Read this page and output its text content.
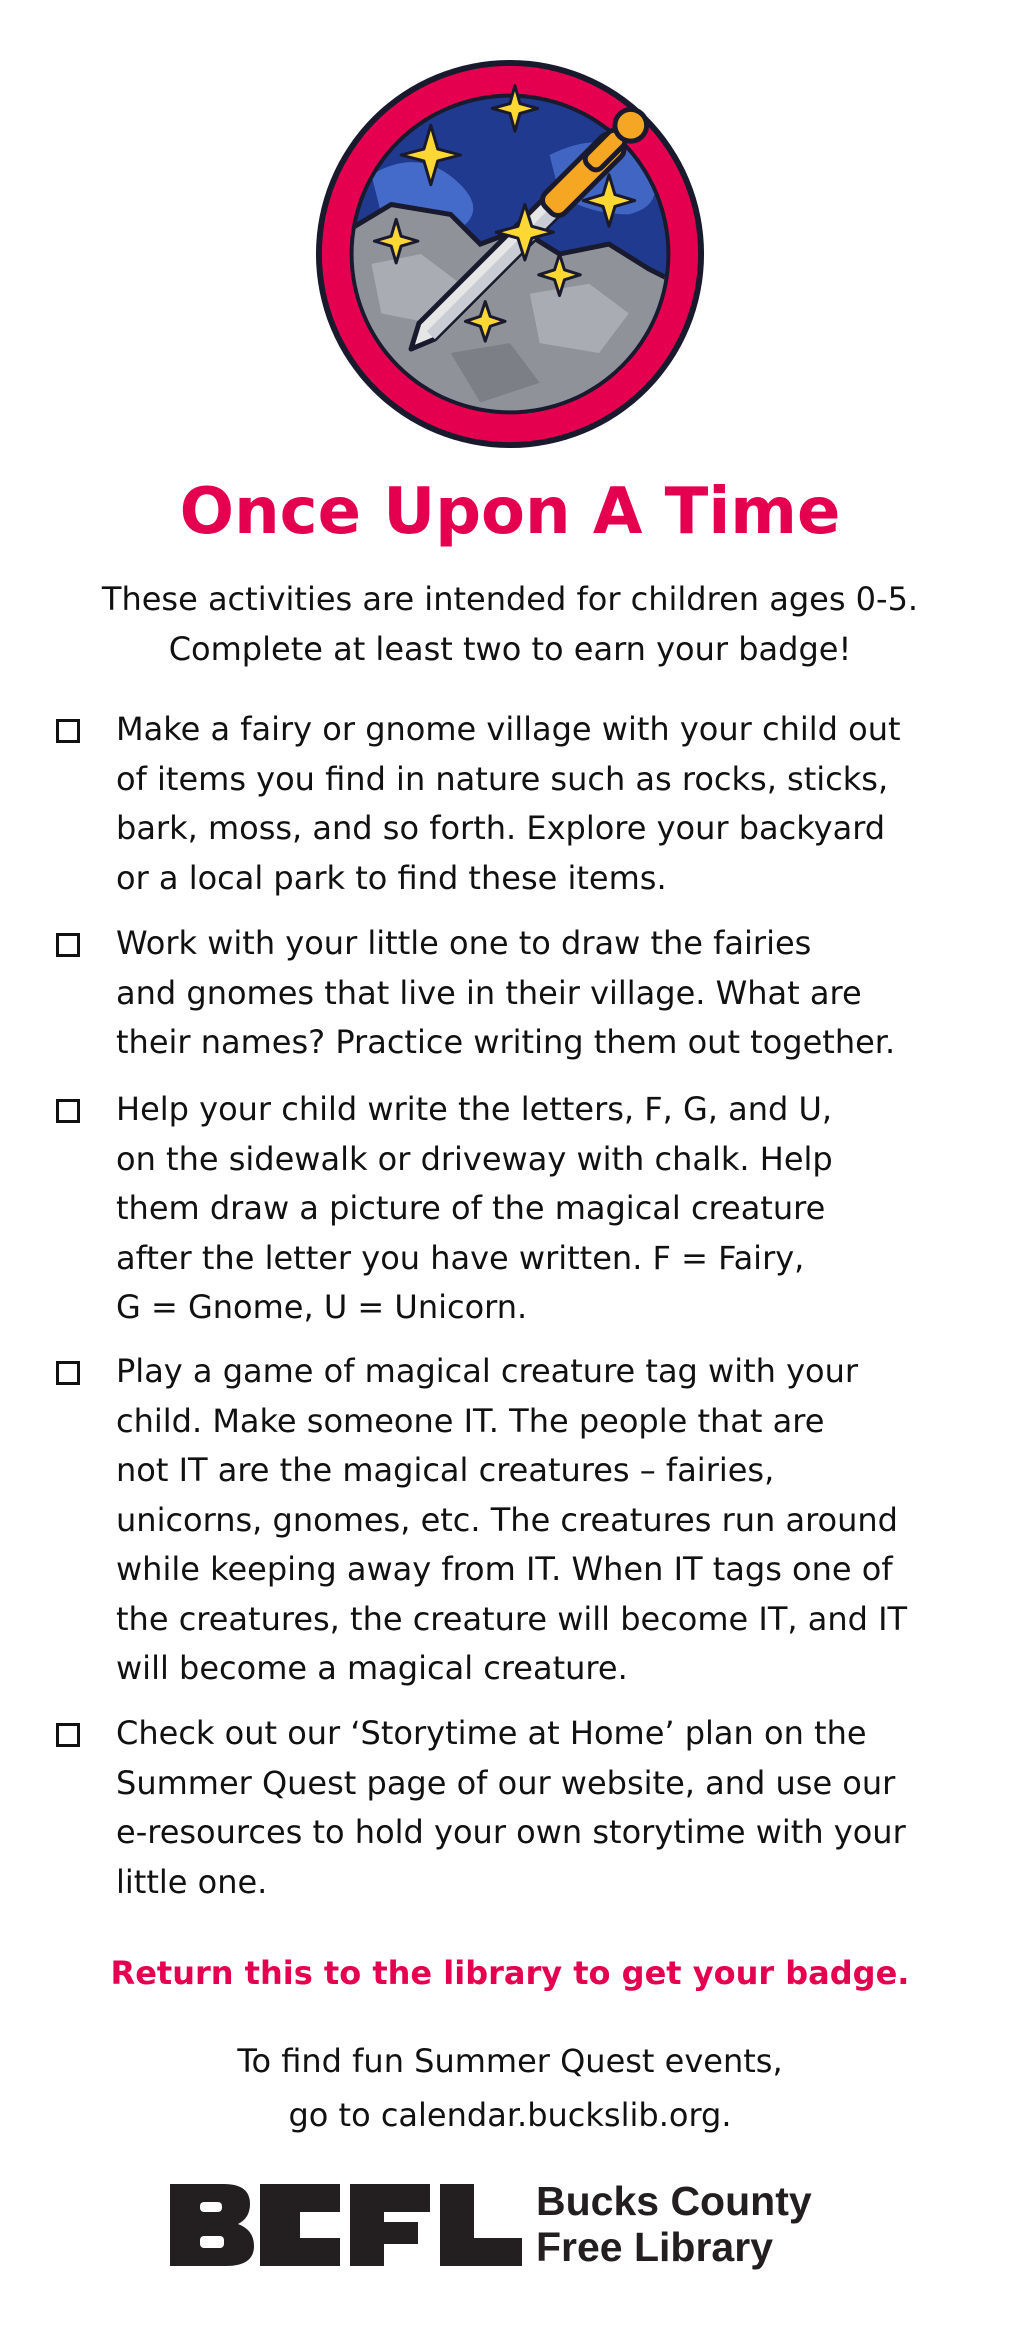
Once Upon A Time

These activities are intended for children ages 0-5.
Complete at least two to earn your badge!

Make a fairy or gnome village with your child out
of items you find in nature such as rocks, sticks,
bark, moss, and so forth. Explore your backyard
or a local park to find these items.
Work with your little one to draw the fairies
and gnomes that live in their village. What are
their names? Practice writing them out together.
Help your child write the letters, F, G, and U,
on the sidewalk or driveway with chalk. Help
them draw a picture of the magical creature
after the letter you have written. F = Fairy,
G = Gnome, U = Unicorn.
Play a game of magical creature tag with your
child. Make someone IT. The people that are
not IT are the magical creatures – fairies,
unicorns, gnomes, etc. The creatures run around
while keeping away from IT. When IT tags one of
the creatures, the creature will become IT, and IT
will become a magical creature.
Check out our ‘Storytime at Home’ plan on the
Summer Quest page of our website, and use our
e-resources to hold your own storytime with your
little one.

Return this to the library to get your badge.

To find fun Summer Quest events,
go to calendar.buckslib.org.

Bucks County
Free Library
